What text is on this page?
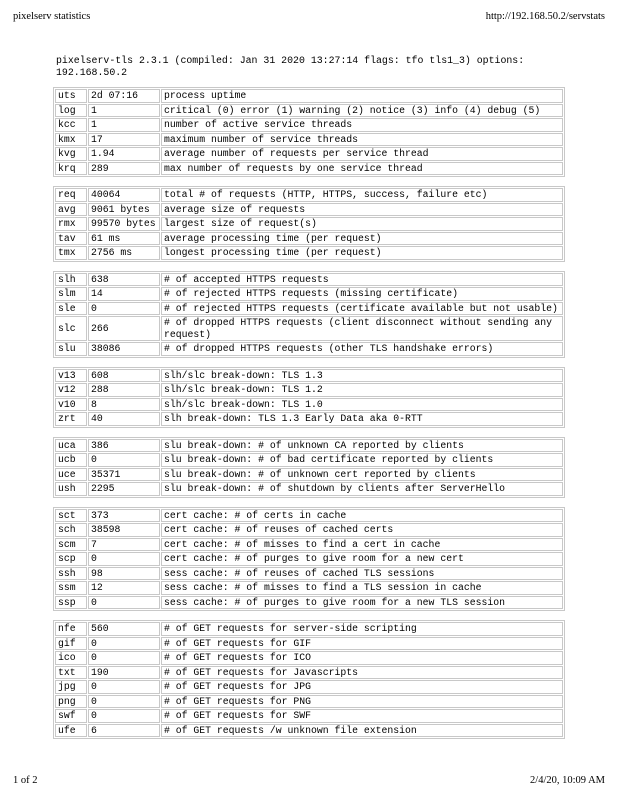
pixelserv statistics	http://192.168.50.2/servstats
pixelserv-tls 2.3.1 (compiled: Jan 31 2020 13:27:14 flags: tfo tls1_3) options: 192.168.50.2
uts	2d 07:16	process uptime
log	1	critical (0) error (1) warning (2) notice (3) info (4) debug (5)
kcc	1	number of active service threads
kmx	17	maximum number of service threads
kvg	1.94	average number of requests per service thread
krq	289	max number of requests by one service thread
req	40064	total # of requests (HTTP, HTTPS, success, failure etc)
avg	9061 bytes	average size of requests
rmx	99570 bytes	largest size of request(s)
tav	61 ms	average processing time (per request)
tmx	2756 ms	longest processing time (per request)
slh	638	# of accepted HTTPS requests
slm	14	# of rejected HTTPS requests (missing certificate)
sle	0	# of rejected HTTPS requests (certificate available but not usable)
slc	266	# of dropped HTTPS requests (client disconnect without sending any request)
slu	38086	# of dropped HTTPS requests (other TLS handshake errors)
v13	608	slh/slc break-down: TLS 1.3
v12	288	slh/slc break-down: TLS 1.2
v10	8	slh/slc break-down: TLS 1.0
zrt	40	slh break-down: TLS 1.3 Early Data aka 0-RTT
uca	386	slu break-down: # of unknown CA reported by clients
ucb	0	slu break-down: # of bad certificate reported by clients
uce	35371	slu break-down: # of unknown cert reported by clients
ush	2295	slu break-down: # of shutdown by clients after ServerHello
sct	373	cert cache: # of certs in cache
sch	38598	cert cache: # of reuses of cached certs
scm	7	cert cache: # of misses to find a cert in cache
scp	0	cert cache: # of purges to give room for a new cert
ssh	98	sess cache: # of reuses of cached TLS sessions
ssm	12	sess cache: # of misses to find a TLS session in cache
ssp	0	sess cache: # of purges to give room for a new TLS session
nfe	560	# of GET requests for server-side scripting
gif	0	# of GET requests for GIF
ico	0	# of GET requests for ICO
txt	190	# of GET requests for Javascripts
jpg	0	# of GET requests for JPG
png	0	# of GET requests for PNG
swf	0	# of GET requests for SWF
ufe	6	# of GET requests /w unknown file extension
1 of 2	2/4/20, 10:09 AM
